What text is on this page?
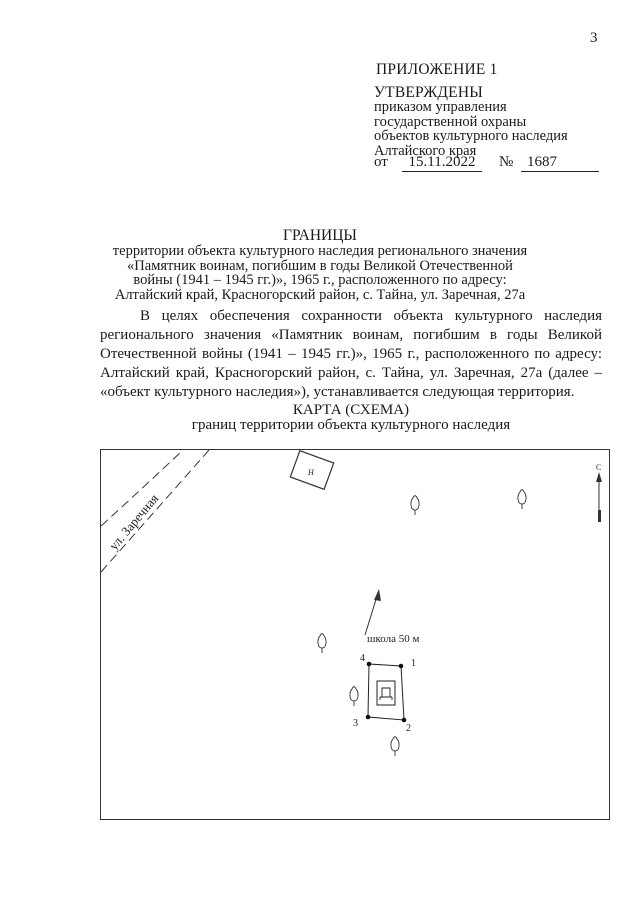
3
ПРИЛОЖЕНИЕ 1
УТВЕРЖДЕНЫ
приказом управления
государственной охраны
объектов культурного наследия
Алтайского края
от	15.11.2022	№ 1687
ГРАНИЦЫ
территории объекта культурного наследия регионального значения
«Памятник воинам, погибшим в годы Великой Отечественной
войны (1941 – 1945 гг.)», 1965 г., расположенного по адресу:
Алтайский край, Красногорский район, с. Тайна, ул. Заречная, 27а
В целях обеспечения сохранности объекта культурного наследия регионального значения «Памятник воинам, погибшим в годы Великой Отечественной войны (1941 – 1945 гг.)», 1965 г., расположенного по адресу: Алтайский край, Красногорский район, с. Тайна, ул. Заречная, 27а (далее – «объект культурного наследия»), устанавливается следующая территория.
КАРТА (СХЕМА)
границ территории объекта культурного наследия
ул. Заречная
Н
С
школа 50 м
1
2
3
4
